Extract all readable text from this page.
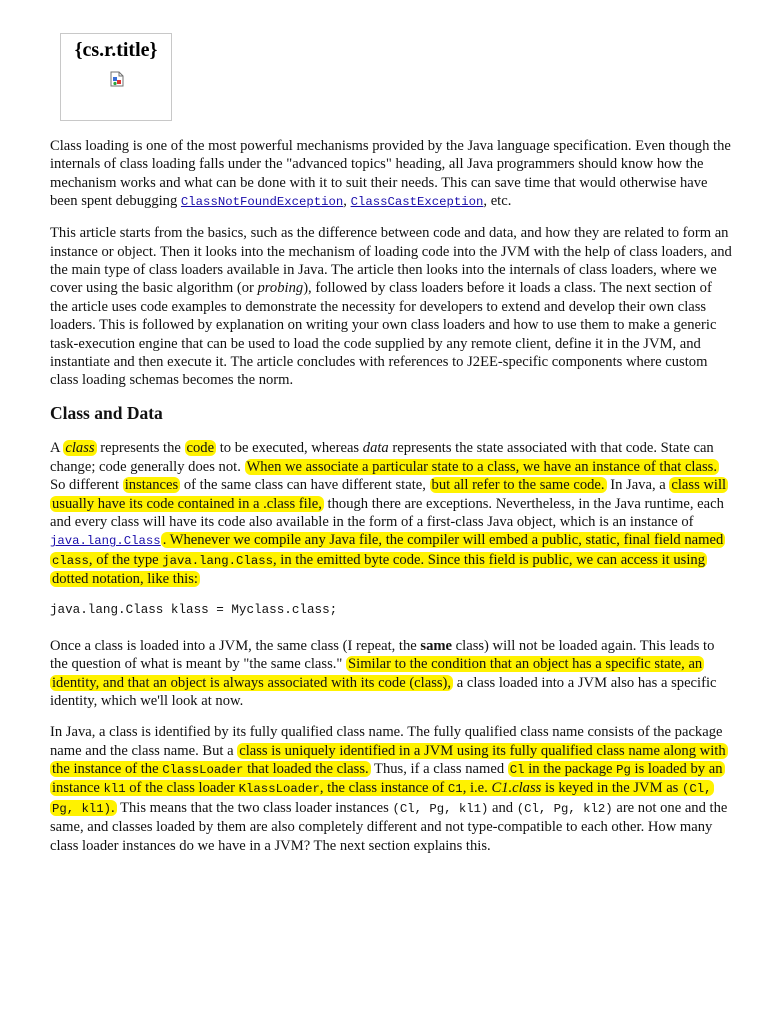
{cs.r.title}

Class loading is one of the most powerful mechanisms provided by the Java language specification. Even though the internals of class loading falls under the "advanced topics" heading, all Java programmers should know how the mechanism works and what can be done with it to suit their needs. This can save time that would otherwise have been spent debugging ClassNotFoundException, ClassCastException, etc.

This article starts from the basics, such as the difference between code and data, and how they are related to form an instance or object. Then it looks into the mechanism of loading code into the JVM with the help of class loaders, and the main type of class loaders available in Java. The article then looks into the internals of class loaders, where we cover using the basic algorithm (or probing), followed by class loaders before it loads a class. The next section of the article uses code examples to demonstrate the necessity for developers to extend and develop their own class loaders. This is followed by explanation on writing your own class loaders and how to use them to make a generic task-execution engine that can be used to load the code supplied by any remote client, define it in the JVM, and instantiate and then execute it. The article concludes with references to J2EE-specific components where custom class loading schemas becomes the norm.

Class and Data

A class represents the code to be executed, whereas data represents the state associated with that code. State can change; code generally does not. When we associate a particular state to a class, we have an instance of that class. So different instances of the same class can have different state, but all refer to the same code. In Java, a class will usually have its code contained in a .class file, though there are exceptions. Nevertheless, in the Java runtime, each and every class will have its code also available in the form of a first-class Java object, which is an instance of java.lang.Class . Whenever we compile any Java file, the compiler will embed a public, static, final field named class, of the type java.lang.Class, in the emitted byte code. Since this field is public, we can access it using dotted notation, like this:

java.lang.Class klass = Myclass.class;

Once a class is loaded into a JVM, the same class (I repeat, the same class) will not be loaded again. This leads to the question of what is meant by "the same class." Similar to the condition that an object has a specific state, an identity, and that an object is always associated with its code (class), a class loaded into a JVM also has a specific identity, which we'll look at now.

In Java, a class is identified by its fully qualified class name. The fully qualified class name consists of the package name and the class name. But a class is uniquely identified in a JVM using its fully qualified class name along with the instance of the ClassLoader that loaded the class. Thus, if a class named Cl in the package Pg is loaded by an instance kl1 of the class loader KlassLoader, the class instance of C1, i.e. C1.class is keyed in the JVM as (Cl, Pg, kl1). This means that the two class loader instances (Cl, Pg, kl1) and (Cl, Pg, kl2) are not one and the same, and classes loaded by them are also completely different and not type-compatible to each other. How many class loader instances do we have in a JVM? The next section explains this.
